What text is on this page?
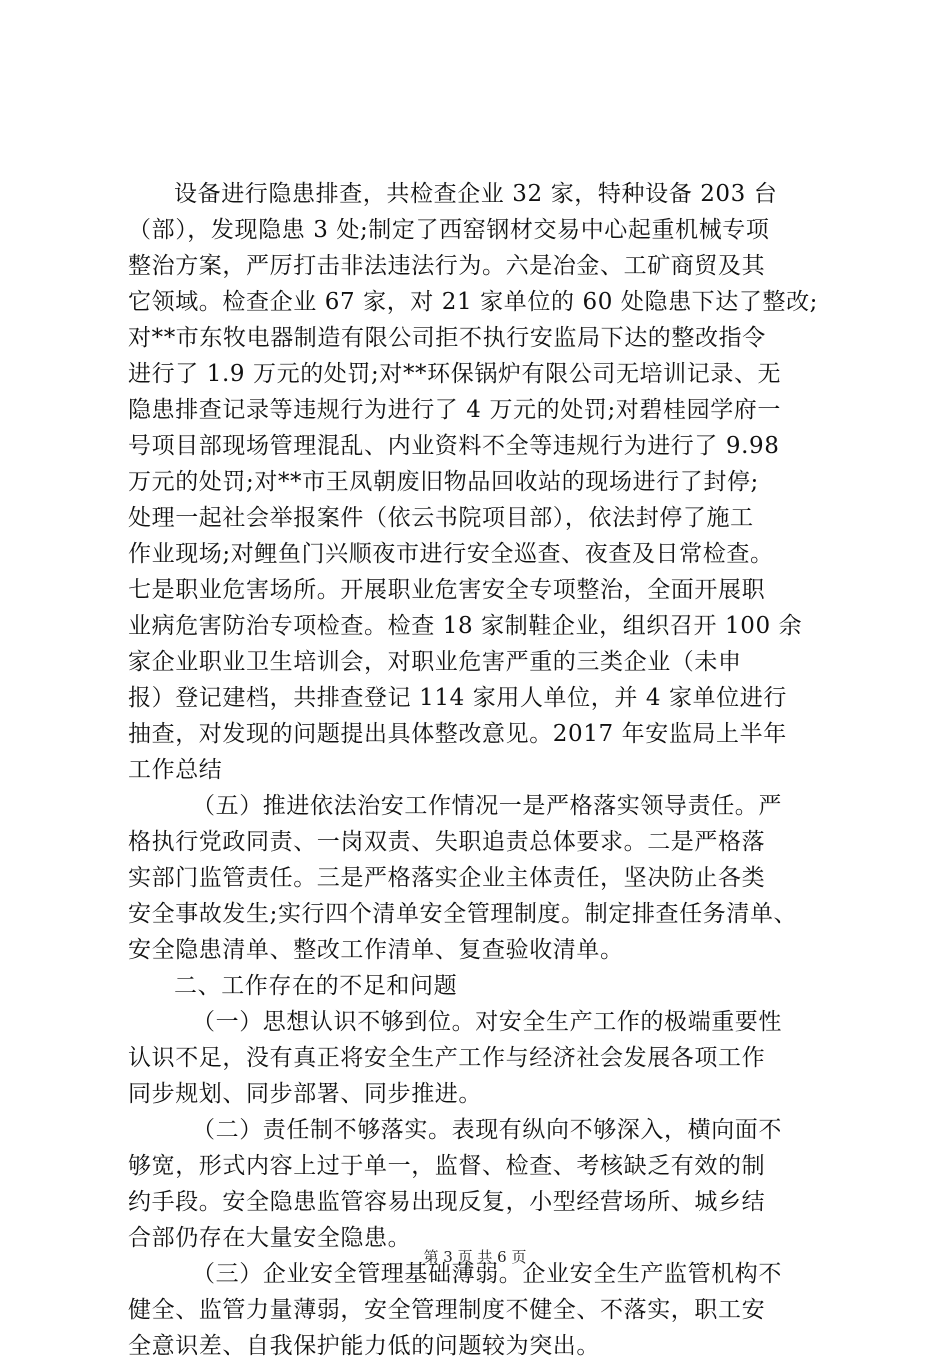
设备进行隐患排查，共检查企业 32 家，特种设备 203 台
（部），发现隐患 3 处;制定了西窑钢材交易中心起重机械专项
整治方案，严厉打击非法违法行为。六是冶金、工矿商贸及其
它领域。检查企业 67 家，对 21 家单位的 60 处隐患下达了整改;
对**市东牧电器制造有限公司拒不执行安监局下达的整改指令
进行了 1.9 万元的处罚;对**环保锅炉有限公司无培训记录、无
隐患排查记录等违规行为进行了 4 万元的处罚;对碧桂园学府一
号项目部现场管理混乱、内业资料不全等违规行为进行了 9.98
万元的处罚;对**市王凤朝废旧物品回收站的现场进行了封停;
处理一起社会举报案件（依云书院项目部），依法封停了施工
作业现场;对鲤鱼门兴顺夜市进行安全巡查、夜查及日常检查。
七是职业危害场所。开展职业危害安全专项整治，全面开展职
业病危害防治专项检查。检查 18 家制鞋企业，组织召开 100 余
家企业职业卫生培训会，对职业危害严重的三类企业（未申
报）登记建档，共排查登记 114 家用人单位，并 4 家单位进行
抽查，对发现的问题提出具体整改意见。2017 年安监局上半年
工作总结
（五）推进依法治安工作情况一是严格落实领导责任。严
格执行党政同责、一岗双责、失职追责总体要求。二是严格落
实部门监管责任。三是严格落实企业主体责任，坚决防止各类
安全事故发生;实行四个清单安全管理制度。制定排查任务清单、
安全隐患清单、整改工作清单、复查验收清单。
二、工作存在的不足和问题
（一）思想认识不够到位。对安全生产工作的极端重要性
认识不足，没有真正将安全生产工作与经济社会发展各项工作
同步规划、同步部署、同步推进。
（二）责任制不够落实。表现有纵向不够深入，横向面不
够宽，形式内容上过于单一，监督、检查、考核缺乏有效的制
约手段。安全隐患监管容易出现反复，小型经营场所、城乡结
合部仍存在大量安全隐患。
（三）企业安全管理基础薄弱。企业安全生产监管机构不
健全、监管力量薄弱，安全管理制度不健全、不落实，职工安
全意识差、自我保护能力低的问题较为突出。
第 3 页 共 6 页
